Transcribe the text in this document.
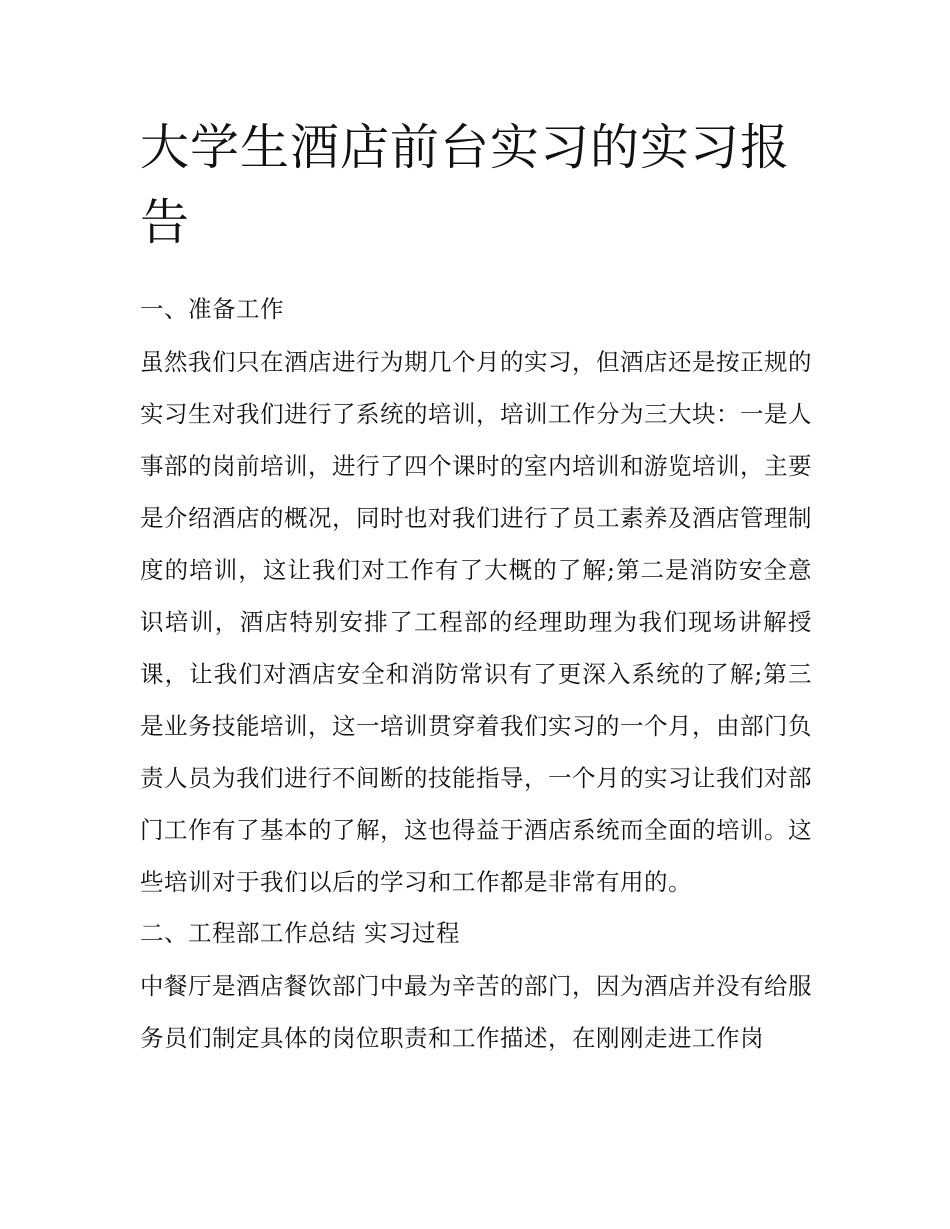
大学生酒店前台实习的实习报告

一、准备工作

虽然我们只在酒店进行为期几个月的实习，但酒店还是按正规的实习生对我们进行了系统的培训，培训工作分为三大块：一是人事部的岗前培训，进行了四个课时的室内培训和游览培训，主要是介绍酒店的概况，同时也对我们进行了员工素养及酒店管理制度的培训，这让我们对工作有了大概的了解;第二是消防安全意识培训，酒店特别安排了工程部的经理助理为我们现场讲解授课，让我们对酒店安全和消防常识有了更深入系统的了解;第三是业务技能培训，这一培训贯穿着我们实习的一个月，由部门负责人员为我们进行不间断的技能指导，一个月的实习让我们对部门工作有了基本的了解，这也得益于酒店系统而全面的培训。这些培训对于我们以后的学习和工作都是非常有用的。

二、工程部工作总结 实习过程

中餐厅是酒店餐饮部门中最为辛苦的部门，因为酒店并没有给服务员们制定具体的岗位职责和工作描述，在刚刚走进工作岗
